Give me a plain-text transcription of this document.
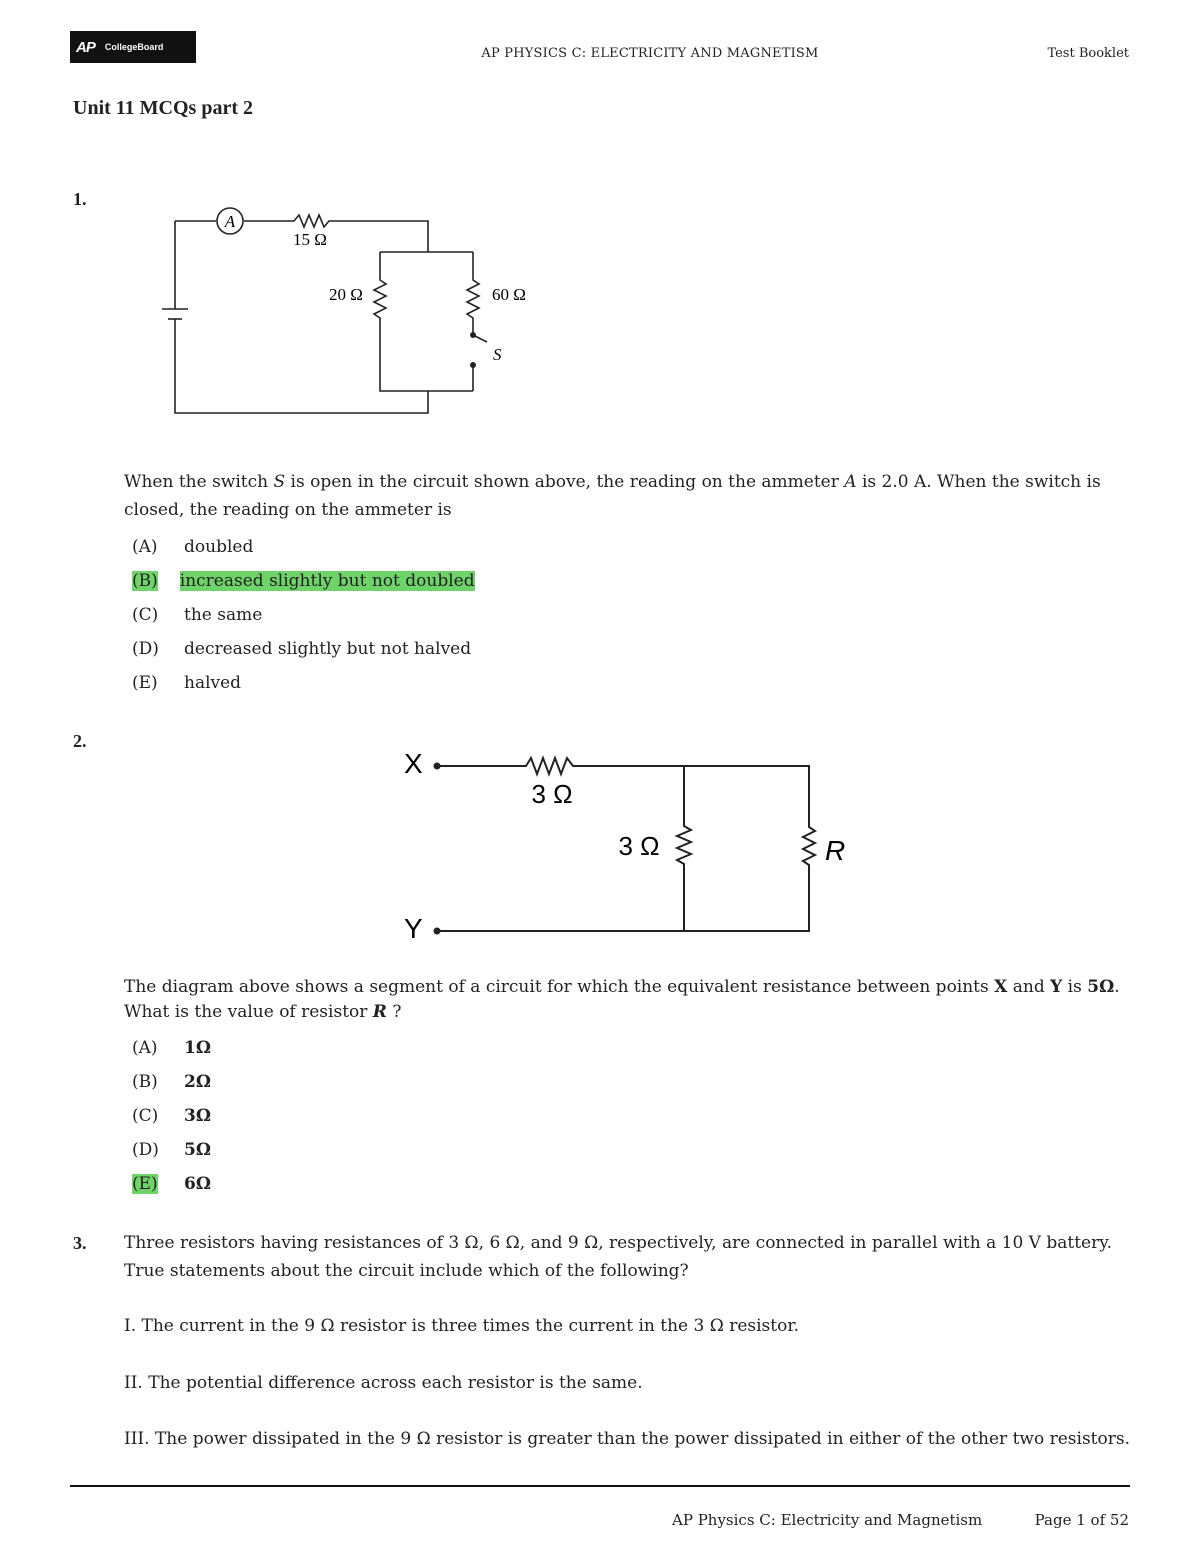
AP CollegeBoard	AP PHYSICS C: ELECTRICITY AND MAGNETISM	Test Booklet
Unit 11 MCQs part 2
1.
A
15 Ω
20 Ω	60 Ω
S
When the switch S is open in the circuit shown above, the reading on the ammeter A is 2.0 A. When the switch is closed, the reading on the ammeter is
(A) doubled
(B) increased slightly but not doubled
(C) the same
(D) decreased slightly but not halved
(E) halved
2.
X
Y
3 Ω
3 Ω	R
The diagram above shows a segment of a circuit for which the equivalent resistance between points X and Y is 5Ω. What is the value of resistor R ?
(A) 1Ω
(B) 2Ω
(C) 3Ω
(D) 5Ω
(E) 6Ω
3. Three resistors having resistances of 3 Ω, 6 Ω, and 9 Ω, respectively, are connected in parallel with a 10 V battery. True statements about the circuit include which of the following?
I. The current in the 9 Ω resistor is three times the current in the 3 Ω resistor.
II. The potential difference across each resistor is the same.
III. The power dissipated in the 9 Ω resistor is greater than the power dissipated in either of the other two resistors.
AP Physics C: Electricity and Magnetism	Page 1 of 52
